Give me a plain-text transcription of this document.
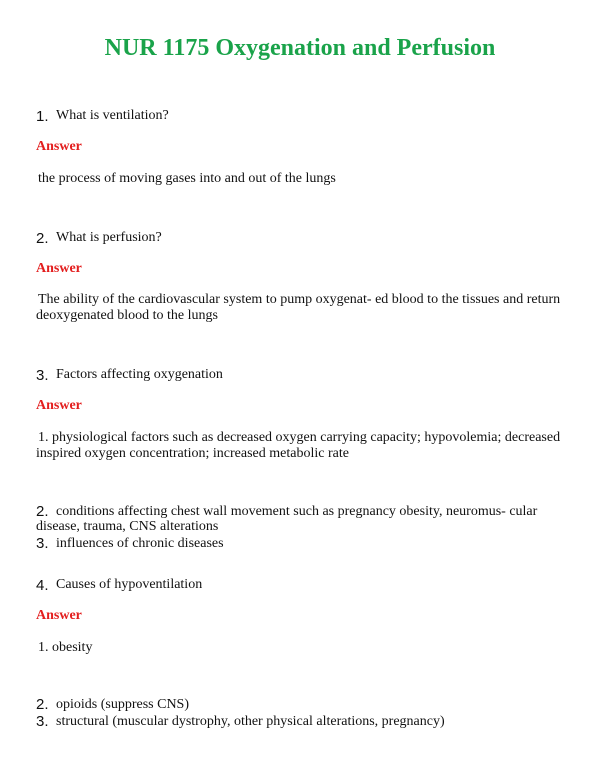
NUR 1175 Oxygenation and Perfusion
1. What is ventilation?
Answer
the process of moving gases into and out of the lungs
2. What is perfusion?
Answer
The ability of the cardiovascular system to pump oxygenat- ed blood to the tissues and return
deoxygenated blood to the lungs
3. Factors affecting oxygenation
Answer
1. physiological factors such as decreased oxygen carrying capacity; hypovolemia; decreased
inspired oxygen concentration; increased metabolic rate
2. conditions affecting chest wall movement such as pregnancy obesity, neuromus- cular
disease, trauma, CNS alterations
3. influences of chronic diseases
4. Causes of hypoventilation
Answer
1. obesity
2. opioids (suppress CNS)
3. structural (muscular dystrophy, other physical alterations, pregnancy)
